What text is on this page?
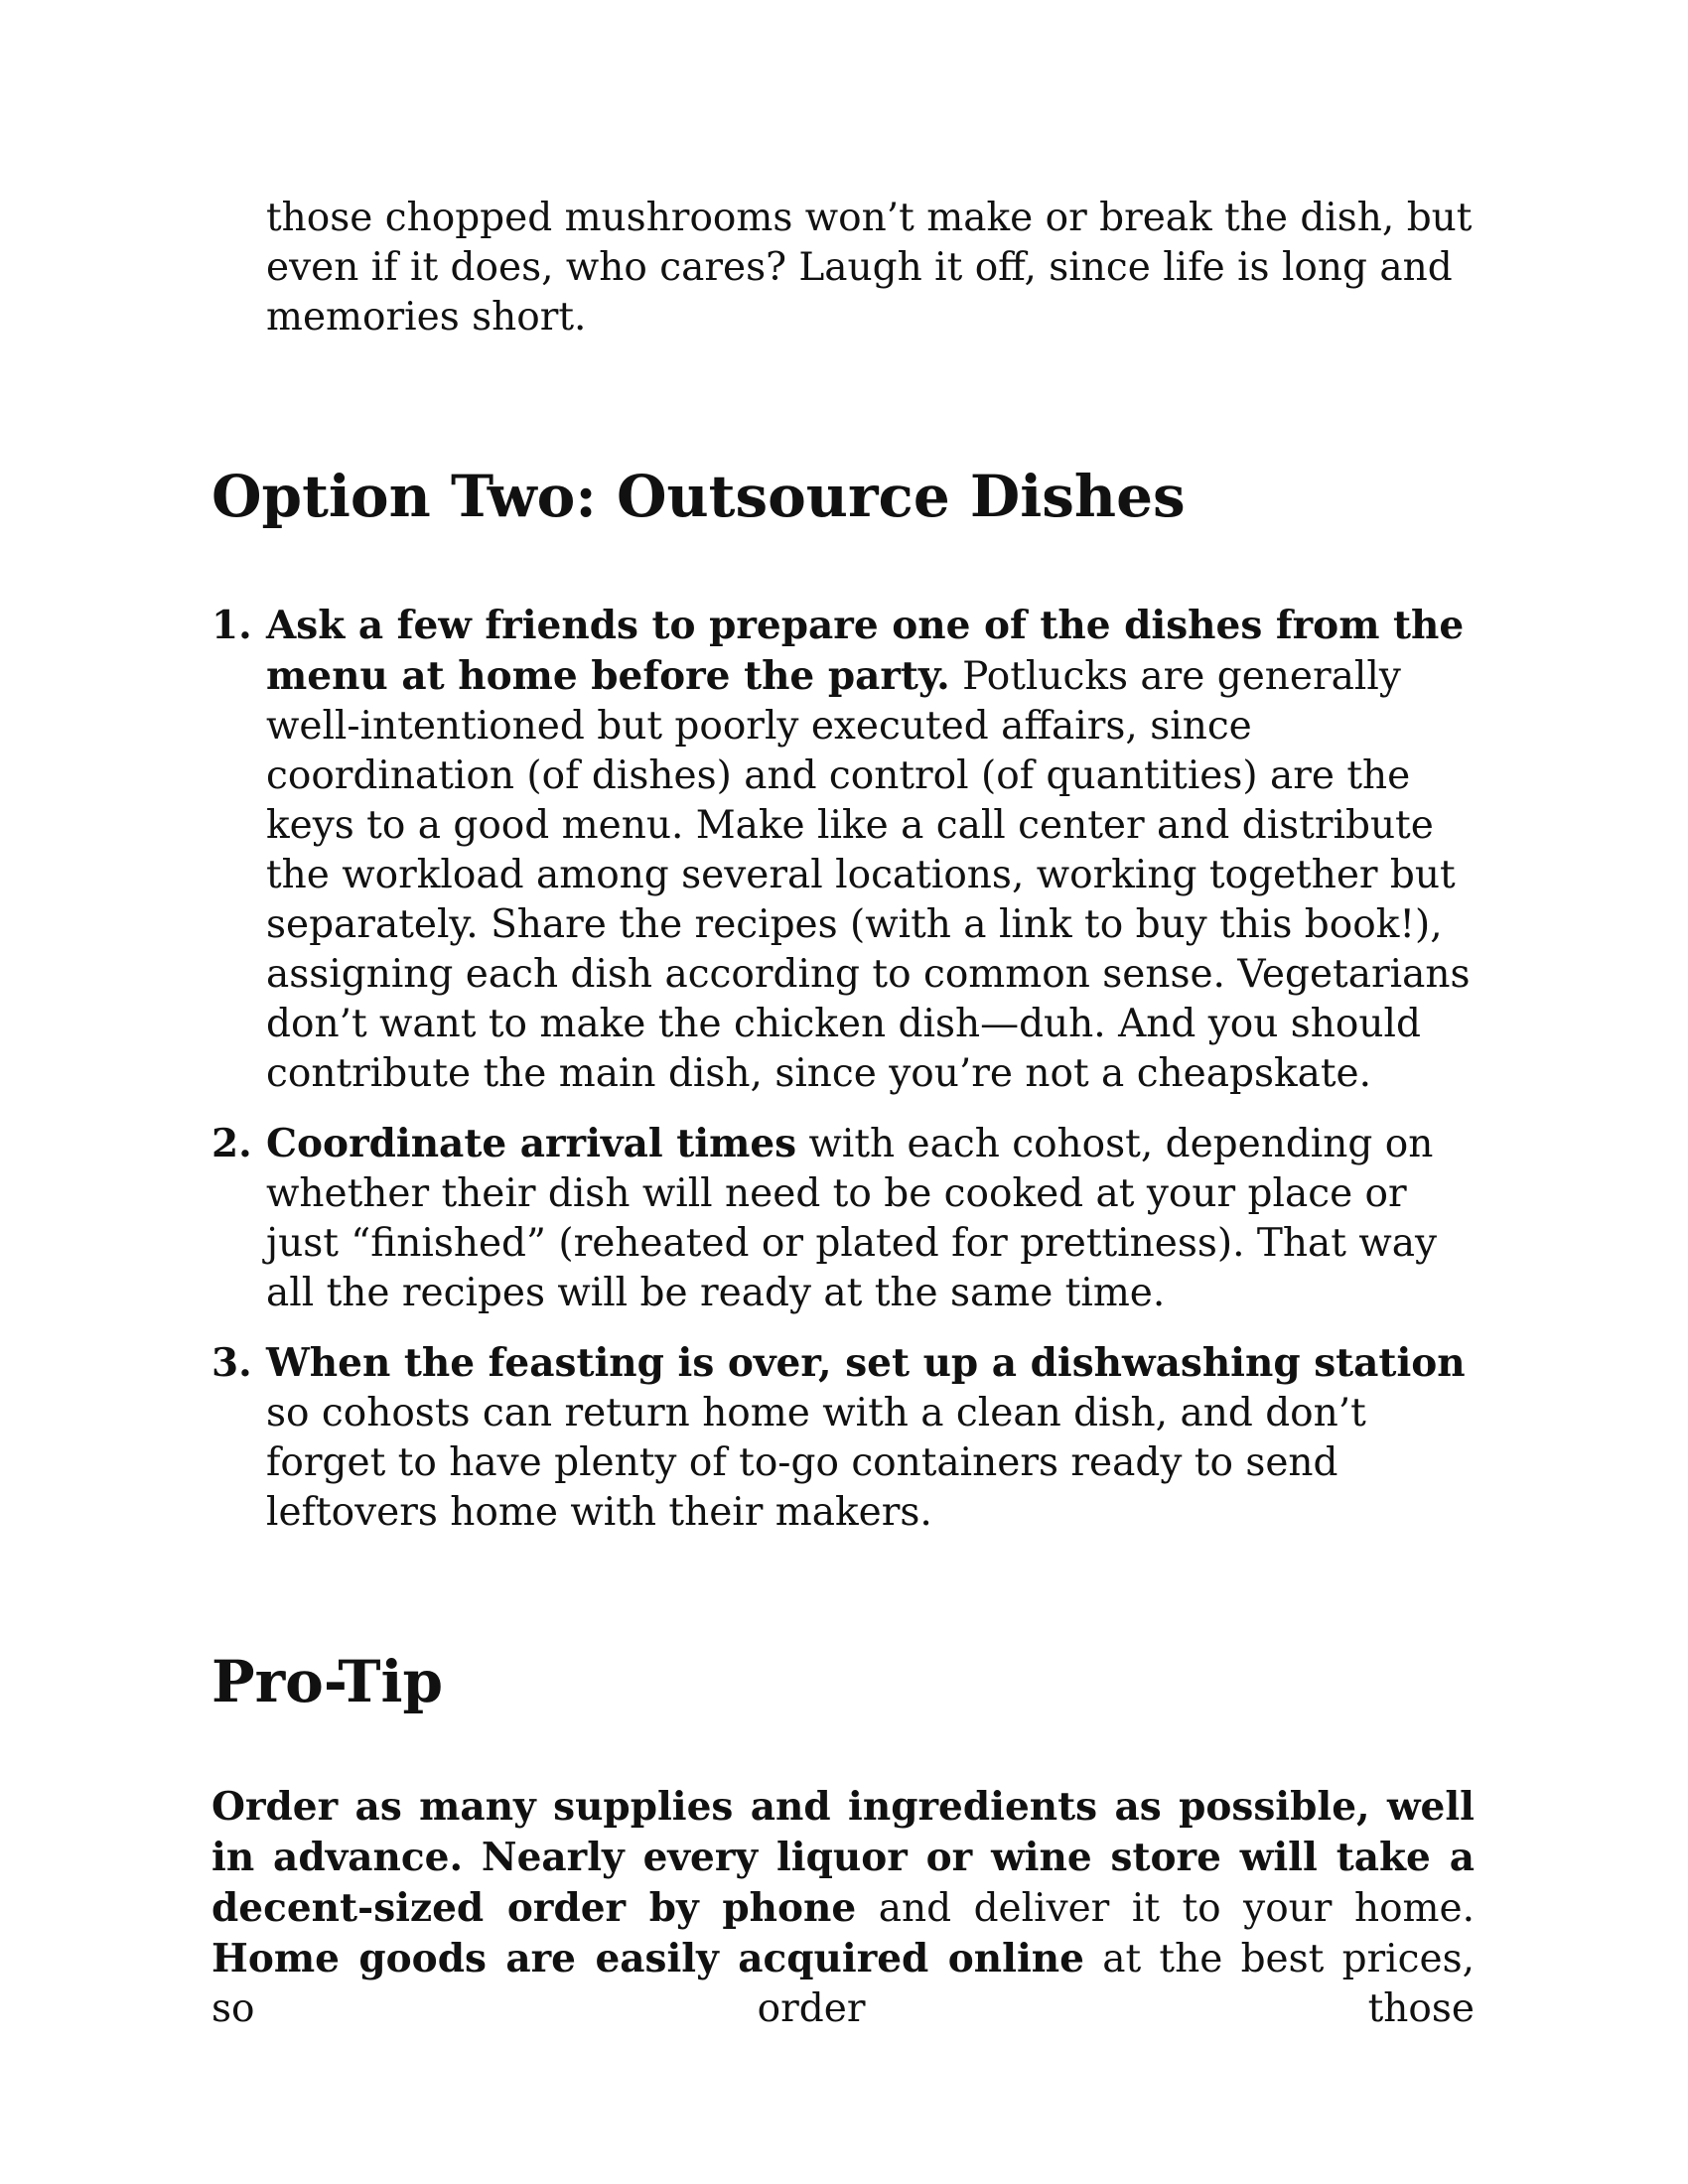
those chopped mushrooms won’t make or break the dish, but even if it does, who cares? Laugh it off, since life is long and memories short.

Option Two: Outsource Dishes
1. Ask a few friends to prepare one of the dishes from the menu at home before the party. Potlucks are generally well-intentioned but poorly executed affairs, since coordination (of dishes) and control (of quantities) are the keys to a good menu. Make like a call center and distribute the workload among several locations, working together but separately. Share the recipes (with a link to buy this book!), assigning each dish according to common sense. Vegetarians don’t want to make the chicken dish—duh. And you should contribute the main dish, since you’re not a cheapskate.
2. Coordinate arrival times with each cohost, depending on whether their dish will need to be cooked at your place or just “finished” (reheated or plated for prettiness). That way all the recipes will be ready at the same time.
3. When the feasting is over, set up a dishwashing station so cohosts can return home with a clean dish, and don’t forget to have plenty of to-go containers ready to send leftovers home with their makers.
Pro-Tip

Order as many supplies and ingredients as possible, well in advance. Nearly every liquor or wine store will take a decent-sized order by phone and deliver it to your home. Home goods are easily acquired online at the best prices, so order those
